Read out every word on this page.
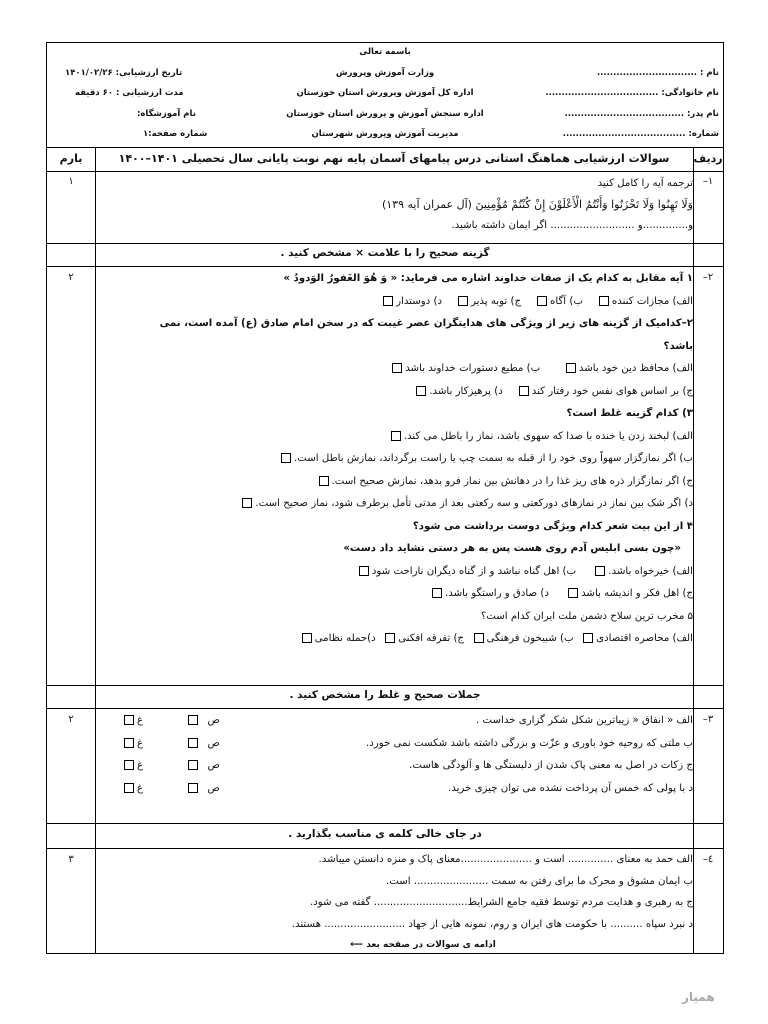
باسمه تعالی
وزارت آموزش وپرورش
اداره کل آموزش وپرورش استان خوزستان
اداره سنجش آموزش و پرورش استان خوزستان
مدیریت آموزش وپرورش شهرستان
نام : ...............................
نام خانوادگی: ...................................
نام پدر: .....................................
شماره: ......................................
تاریخ ارزشیابی: ۱۴۰۱/۰۲/۲۶
مدت ارزشیابی : ۶۰ دقیقه
نام آموزشگاه:
شماره صفحه:۱
ردیف
سوالات ارزشیابی هماهنگ استانی درس پیامهای آسمان پایه نهم نوبت پایانی سال تحصیلی ۱۴۰۱–۱۴۰۰
بارم
۱–
۱	ترجمه آیه را کامل کنید

وَلَا تَهِنُوا وَلَا تَحْزَنُوا وَأَنْتُمُ الْأَعْلَوْنَ إِنْ كُنْتُمْ مُؤْمِنِينَ (آل عمران آیه ۱۳۹)

و..............و .......................... اگر ایمان داشته باشید.

گزینه صحیح را با علامت × مشخص کنید .
۲–
۲	۱ آیه مقابل به کدام یک از صفات خداوند اشاره می فرماید: « وَ هُوَ الغَفورُ الوَدودُ »

الف) مجازات کننده    ب) آگاه    ج) توبه پذیر    د) دوستدار

۲–کدامیک از گزینه های زیر از ویژگی های هدایتگران عصر غیبت که در سخن امام صادق (ع) آمده است، نمی

باشد؟

الف) محافظ دین خود باشد       ب) مطیع دستورات خداوند باشد

ج) بر اساس هوای نفس خود رفتار کند    د) پرهیزکار باشد.

۳) کدام گزینه غلط است؟

الف) لبخند زدن یا خنده با صدا که سهوی باشد، نماز را باطل می کند.

ب) اگر نمازگزار سهواً روی خود را از قبله به سمت چپ یا راست برگرداند، نمازش باطل است.

ج) اگر نمازگزار ذره های ریز غذا را در دهانش بین نماز فرو بدهد، نمازش صحیح است.

د) اگر شک بین نماز در نمازهای دورکعتی و سه رکعتی بعد از مدتی تأمل برطرف شود، نماز صحیح است.

۴ از این بیت شعر کدام ویژگی دوست برداشت می شود؟

«چون بسی ابلیس آدم روی هست پس به هر دستی نشاید داد دست»

الف) خیرخواه باشد.     ب) اهل گناه نباشد و از گناه دیگران ناراحت شود

ج) اهل فکر و اندیشه باشد     د) صادق و راستگو باشد.

۵ مخرب ترین سلاح دشمن ملت ایران کدام است؟

الف) محاصره اقتصادی  ب) شبیخون فرهنگی  ج) تفرقه افکنی  د)حمله نظامی

جملات صحیح و غلط را مشخص کنید .
۳–
۲	الف « انفاق « زیباترین شکل شکر گزاری خداست .
ص
غ
ب ملتی که روحیه خود باوری و عزّت و بزرگی داشته باشد شکست نمی خورد.
ص
غ
ج زکات در اصل به معنی پاک شدن از دلبستگی ها و آلودگی هاست.
ص
غ
د با پولی که خمس آن پرداخت نشده می توان چیزی خرید.
ص
غ
در جای خالی کلمه ی مناسب بگذارید .
٤–
۳	الف حمد به معنای .............. است و ......................معنای پاک و منزه دانستن میباشد.

ب ایمان مشوق و محرک ما برای رفتن به سمت ....................... است.

ج به رهبری و هدایت مردم توسط فقیه جامع الشرایط............................. گفته می شود.

د نبرد سپاه .......... با حکومت های ایران و روم، نمونه هایی از جهاد ......................... هستند.

ادامه ی سوالات در صفحه بعد ⟵

همیار
